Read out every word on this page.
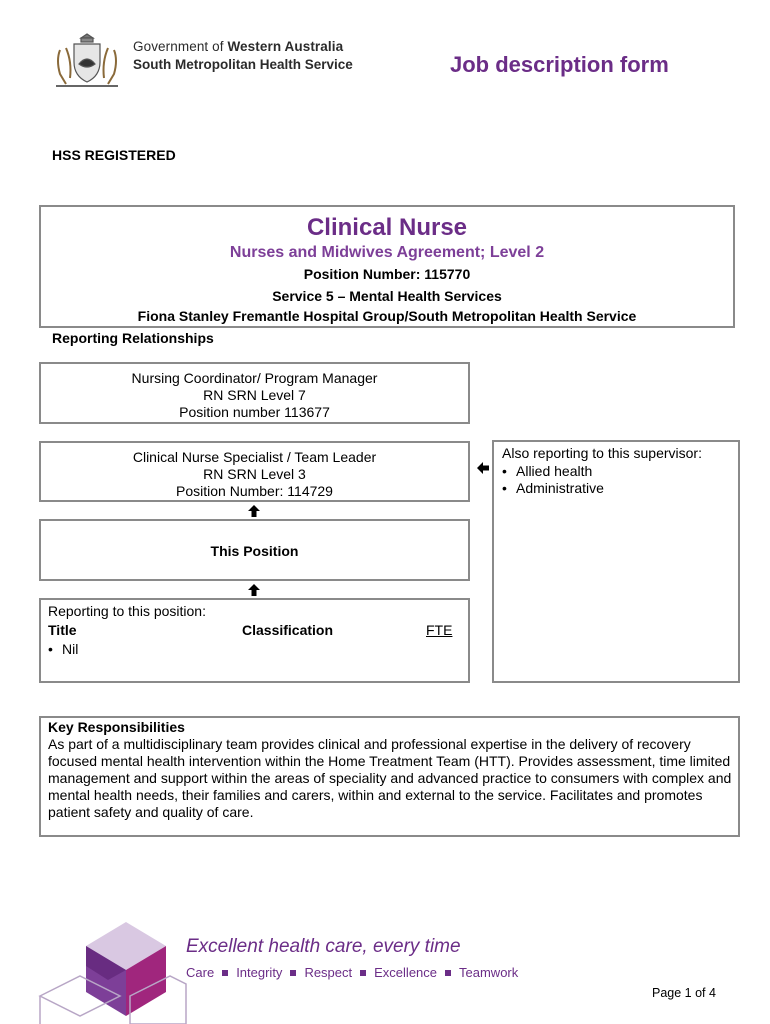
Government of Western Australia
South Metropolitan Health Service	Job description form
HSS REGISTERED
Clinical Nurse
Nurses and Midwives Agreement; Level 2
Position Number: 115770
Service 5 – Mental Health Services
Fiona Stanley Fremantle Hospital Group/South Metropolitan Health Service
Reporting Relationships
Nursing Coordinator/ Program Manager
RN SRN Level 7
Position number 113677
Clinical Nurse Specialist / Team Leader
RN SRN Level 3
Position Number: 114729
This Position
Also reporting to this supervisor:
• Allied health
• Administrative
Reporting to this position:
Title	Classification	FTE
• Nil
Key Responsibilities
As part of a multidisciplinary team provides clinical and professional expertise in the delivery of recovery focused mental health intervention within the Home Treatment Team (HTT). Provides assessment, time limited management and support within the areas of speciality and advanced practice to consumers with complex and mental health needs, their families and carers, within and external to the service. Facilitates and promotes patient safety and quality of care.
Excellent health care, every time
Care Integrity Respect Excellence Teamwork
Page 1 of 4
